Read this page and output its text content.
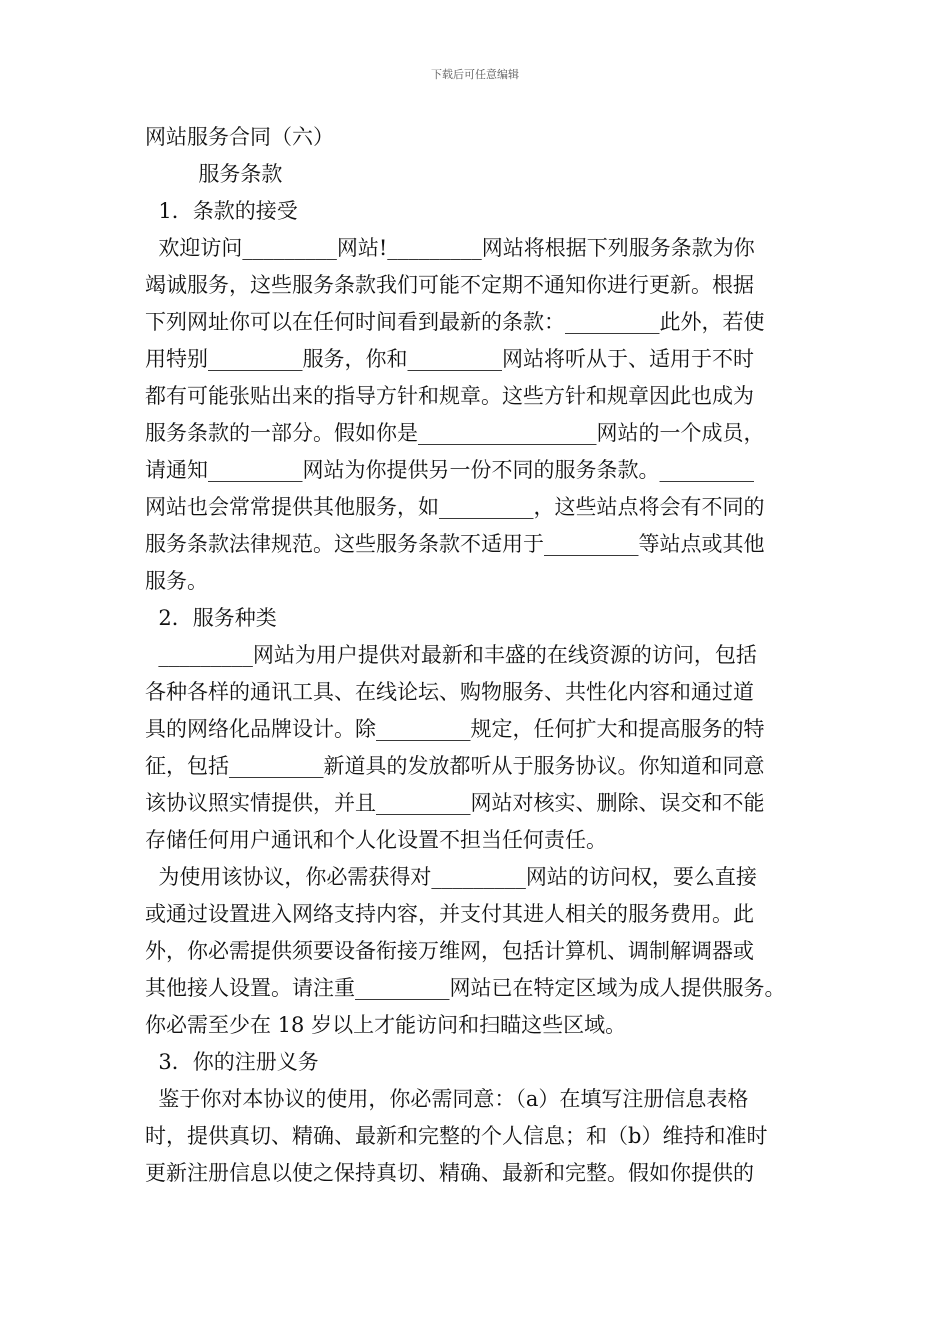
下载后可任意编辑
网站服务合同（六）
服务条款
1．条款的接受
欢迎访问_________网站!_________网站将根据下列服务条款为你
竭诚服务，这些服务条款我们可能不定期不通知你进行更新。根据
下列网址你可以在任何时间看到最新的条款：_________此外，若使
用特别_________服务，你和_________网站将听从于、适用于不时
都有可能张贴出来的指导方针和规章。这些方针和规章因此也成为
服务条款的一部分。假如你是_________________网站的一个成员，
请通知_________网站为你提供另一份不同的服务条款。_________
网站也会常常提供其他服务，如_________，这些站点将会有不同的
服务条款法律规范。这些服务条款不适用于_________等站点或其他
服务。
2．服务种类
_________网站为用户提供对最新和丰盛的在线资源的访问，包括
各种各样的通讯工具、在线论坛、购物服务、共性化内容和通过道
具的网络化品牌设计。除_________规定，任何扩大和提高服务的特
征，包括_________新道具的发放都听从于服务协议。你知道和同意
该协议照实情提供，并且_________网站对核实、删除、误交和不能
存储任何用户通讯和个人化设置不担当任何责任。
为使用该协议，你必需获得对_________网站的访问权，要么直接
或通过设置进入网络支持内容，并支付其进人相关的服务费用。此
外，你必需提供须要设备衔接万维网，包括计算机、调制解调器或
其他接人设置。请注重_________网站已在特定区域为成人提供服务。
你必需至少在 18 岁以上才能访问和扫瞄这些区域。
3．你的注册义务
鉴于你对本协议的使用，你必需同意：（a）在填写注册信息表格
时，提供真切、精确、最新和完整的个人信息；和（b）维持和准时
更新注册信息以使之保持真切、精确、最新和完整。假如你提供的
